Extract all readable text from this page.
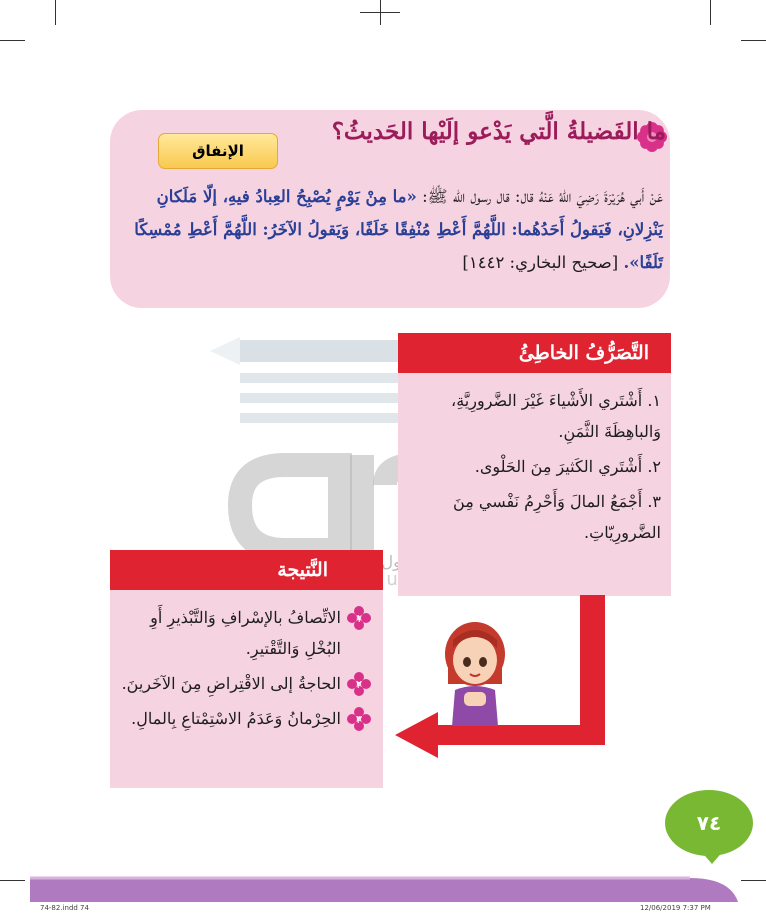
ما الفَضيلةُ الَّتي يَدْعو إلَيْها الحَديثُ؟
الإنفاق
عَنْ أَبي هُرَيْرَةَ رَضِيَ اللهُ عَنْهُ قال: قال رسول الله ﷺ: «ما مِنْ يَوْمٍ يُصْبِحُ العِبادُ فيهِ، إلّا مَلَكانِ يَنْزِلانِ، فَيَقولُ أَحَدُهُما: اللَّهُمَّ أَعْطِ مُنْفِقًا خَلَفًا، وَيَقولُ الآخَرُ: اللَّهُمَّ أَعْطِ مُمْسِكًا تَلَفًا». [صحيح البخاري: ١٤٤٢]
التَّصَرُّفُ الخاطِئُ
١. أَشْتَري الأَشْياءَ غَيْرَ الضَّرورِيَّةِ، وَالباهِظَةَ الثَّمَنِ.
٢. أَشْتَري الكَثيرَ مِنَ الحَلْوى.
٣. أَجْمَعُ المالَ وَأَحْرِمُ نَفْسي مِنَ الضَّرورِيّاتِ.
النَّتيجة
١
الاتِّصافُ بالإسْرافِ وَالتَّبْذيرِ أَوِ البُخْلِ وَالتَّقْتيرِ.
٢
الحاجةُ إلى الاقْتِراضِ مِنَ الآخَرينَ.
٣
الحِرْمانُ وَعَدَمُ الاسْتِمْتاعِ بِالمالِ.
٧٤
74-82.indd 74	12/06/2019 7:37 PM
